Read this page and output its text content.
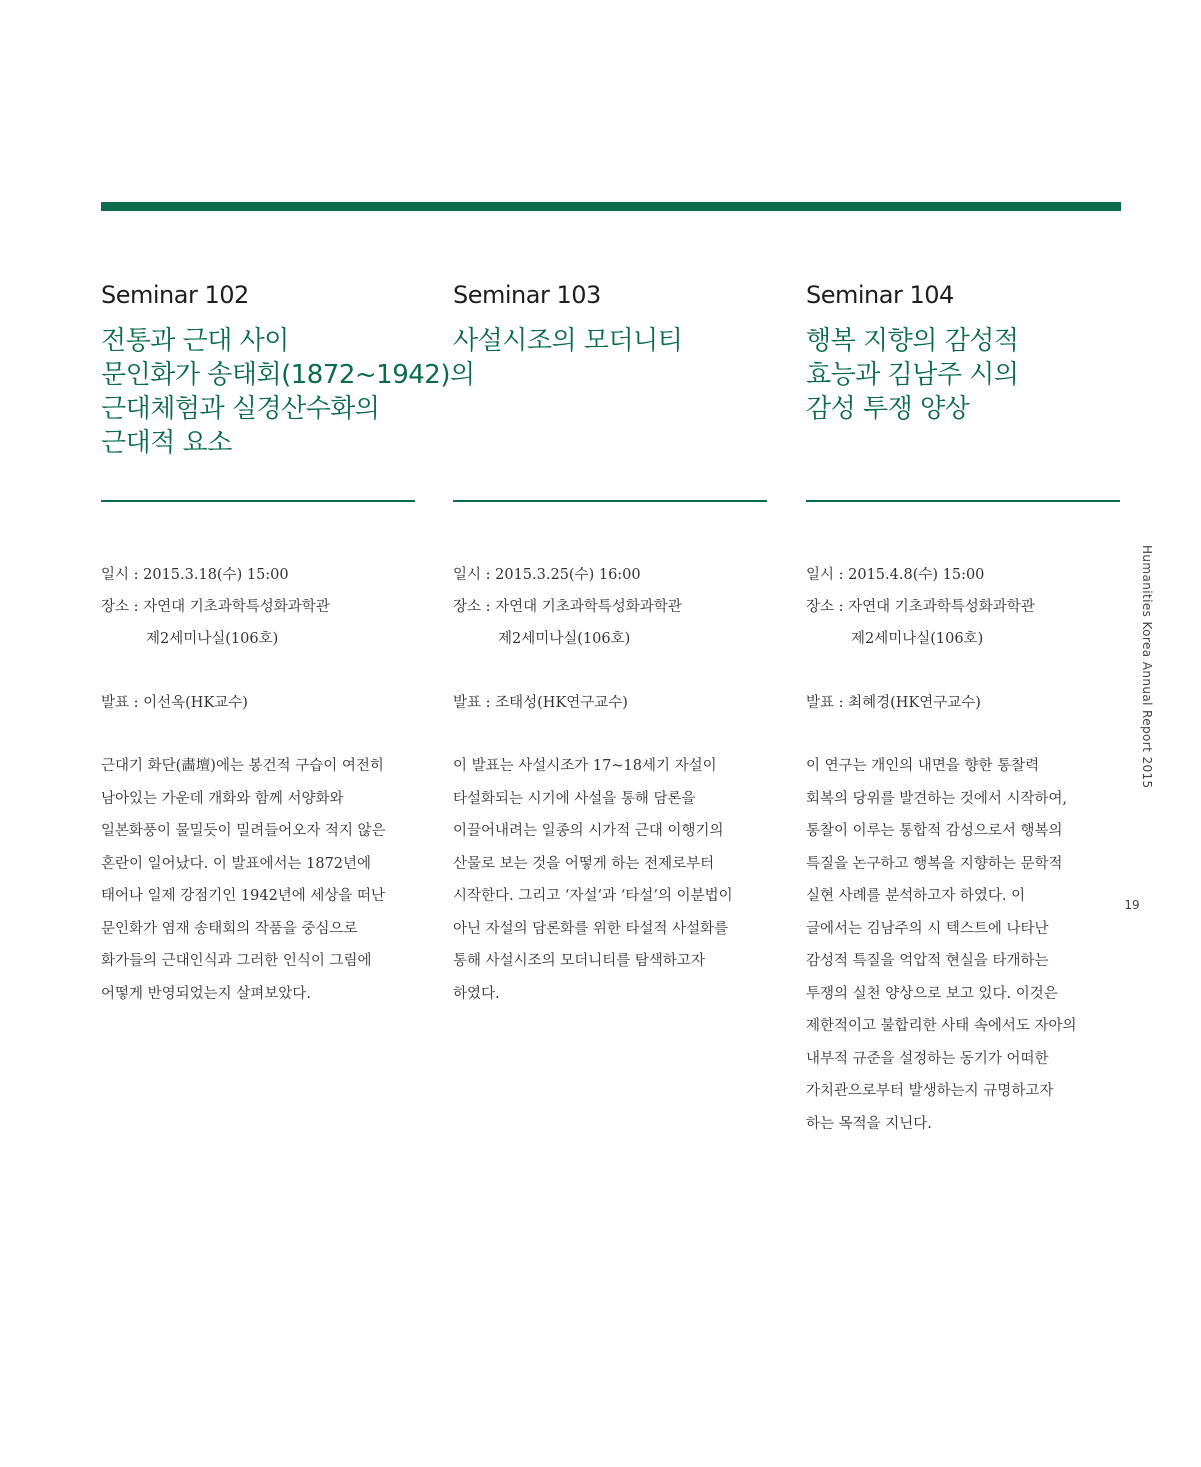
Seminar 102
전통과 근대 사이
문인화가 송태회(1872~1942)의
근대체험과 실경산수화의
근대적 요소
일시 : 2015.3.18(수) 15:00
장소 : 자연대 기초과학특성화과학관
제2세미나실(106호)
발표 : 이선옥(HK교수)
근대기 화단(畵壇)에는 봉건적 구습이 여전히
남아있는 가운데 개화와 함께 서양화와
일본화풍이 물밀듯이 밀려들어오자 적지 않은
혼란이 일어났다. 이 발표에서는 1872년에
태어나 일제 강점기인 1942년에 세상을 떠난
문인화가 염재 송태회의 작품을 중심으로
화가들의 근대인식과 그러한 인식이 그림에
어떻게 반영되었는지 살펴보았다.
Seminar 103
사설시조의 모더니티
일시 : 2015.3.25(수) 16:00
장소 : 자연대 기초과학특성화과학관
제2세미나실(106호)
발표 : 조태성(HK연구교수)
이 발표는 사설시조가 17~18세기 자설이
타설화되는 시기에 사설을 통해 담론을
이끌어내려는 일종의 시가적 근대 이행기의
산물로 보는 것을 어떻게 하는 전제로부터
시작한다. 그리고 ‘자설’과 ‘타설’의 이분법이
아닌 자설의 담론화를 위한 타설적 사설화를
통해 사설시조의 모더니티를 탐색하고자
하였다.
Seminar 104
행복 지향의 감성적
효능과 김남주 시의
감성 투쟁 양상
일시 : 2015.4.8(수) 15:00
장소 : 자연대 기초과학특성화과학관
제2세미나실(106호)
발표 : 최혜경(HK연구교수)
이 연구는 개인의 내면을 향한 통찰력
회복의 당위를 발견하는 것에서 시작하여,
통찰이 이루는 통합적 감성으로서 행복의
특질을 논구하고 행복을 지향하는 문학적
실현 사례를 분석하고자 하였다. 이
글에서는 김남주의 시 텍스트에 나타난
감성적 특질을 억압적 현실을 타개하는
투쟁의 실천 양상으로 보고 있다. 이것은
제한적이고 불합리한 사태 속에서도 자아의
내부적 규준을 설정하는 동기가 어떠한
가치관으로부터 발생하는지 규명하고자
하는 목적을 지닌다.
Humanities Korea Annual Report 2015
19
